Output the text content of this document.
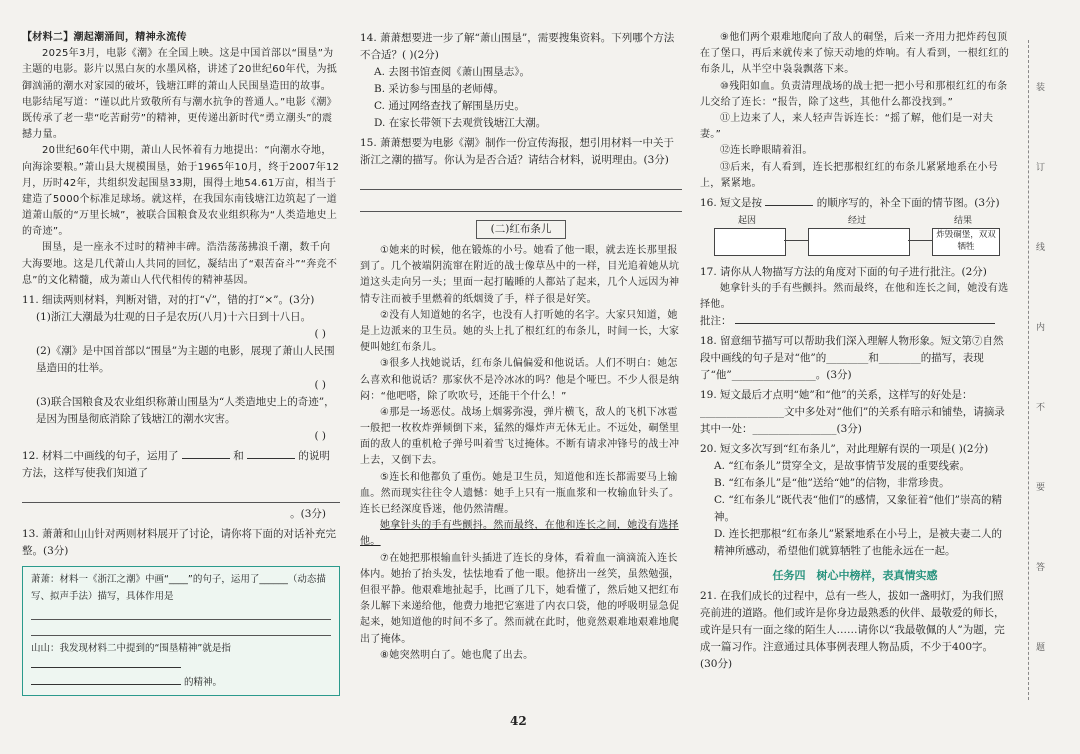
【材料二】潮起潮涌间，精神永流传

2025年3月，电影《潮》在全国上映。这是中国首部以“围垦”为主题的电影。影片以黑白灰的水墨风格，讲述了20世纪60年代，为抵御汹涌的潮水对家园的破坏，钱塘江畔的萧山人民围垦造田的故事。电影结尾写道：“谨以此片致敬所有与潮水抗争的普通人。”电影《潮》既传承了老一辈“吃苦耐劳”的精神，更传递出新时代“勇立潮头”的震撼力量。

20世纪60年代中期，萧山人民怀着有力地提出：“向潮水夺地，向海涂要粮。”萧山县大规模围垦，始于1965年10月，终于2007年12月，历时42年，共组织发起围垦33期，围得土地54.61万亩，相当于建造了5000个标准足球场。就这样，在我国东南钱塘江边筑起了一道道萧山版的“万里长城”，被联合国粮食及农业组织称为“人类造地史上的奇迹”。

围垦，是一座永不过时的精神丰碑。浩浩荡荡拂浪千潮，数千向大海要地。这是几代萧山人共同的回忆，凝结出了“艰苦奋斗”“奔竞不息”的文化精髓，成为萧山人代代相传的精神基因。

11. 细读两则材料，判断对错，对的打“√”，错的打“×”。(3分)

(1)浙江大潮最为壮观的日子是农历(八月)十六日到十八日。

( )

(2)《潮》是中国首部以“围垦”为主题的电影，展现了萧山人民围垦造田的壮举。

( )

(3)联合国粮食及农业组织称萧山围垦为“人类造地史上的奇迹”，是因为围垦彻底消除了钱塘江的潮水灾害。

( )

12. 材料二中画线的句子，运用了	和	的说明方法，这样写使我们知道了

。(3分)

13. 萧萧和山山针对两则材料展开了讨论，请你将下面的对话补充完整。(3分)

萧萧：材料一《浙江之潮》中画“____”的句子，运用了______（动态描写、拟声手法）描写，具体作用是

山山：我发现材料二中提到的“围垦精神”就是指

的精神。

14. 萧萧想要进一步了解“萧山围垦”，需要搜集资料。下列哪个方法不合适？( )(2分)

A. 去图书馆查阅《萧山围垦志》。

B. 采访参与围垦的老师傅。

C. 通过网络查找了解围垦历史。

D. 在家长带领下去观赏钱塘江大潮。

15. 萧萧想要为电影《潮》制作一份宣传海报，想引用材料一中关于浙江之潮的描写。你认为是否合适？请结合材料，说明理由。(3分)

(二)红布条儿

①她来的时候，他在锻炼的小号。她看了他一眼，就去连长那里报到了。几个被端阴流窜在附近的战士像草丛中的一样，目光追着她从坑道这头走向另一头；里面一起打瞌睡的人都站了起来，几个人远因为神情专注而被手里燃着的纸烟烫了手，样子很是好笑。

②没有人知道她的名字，也没有人打听她的名字。大家只知道，她是上边派来的卫生员。她的头上扎了根红红的布条儿，时间一长，大家便叫她红布条儿。

③很多人找她说话，红布条儿偏偏爱和他说话。人们不明白：她怎么喜欢和他说话？那家伙不是冷冰冰的吗？他是个哑巴。不少人很是纳闷：“他吧嗒，除了吹吹号，还能干个什么！”

④那是一场恶仗。战场上烟雾弥漫，弹片横飞，敌人的飞机下冰雹一般把一枚枚炸弹倾倒下来，猛然的爆炸声无休无止。不远处，硐堡里面的敌人的重机枪子弹号叫着雪飞过掩体。不断有请求冲锋号的战士冲上去，又倒下去。

⑤连长和他都负了重伤。她是卫生员，知道他和连长都需要马上输血。然而现实往往令人遗憾：她手上只有一瓶血浆和一枚输血针头了。连长已经深度昏迷，他仍然清醒。

她拿针头的手有些颤抖。然而最终，在他和连长之间，她没有选择他。

⑦在她把那根输血针头插进了连长的身体，看着血一滴滴流入连长体内。她抬了抬头发，怯怯地看了他一眼。他挤出一丝笑，虽然勉强，但很平静。他艰难地扯起手，比画了几下，她看懂了，然后她又把红布条儿解下来递给他，他费力地把它塞进了内衣口袋，他的呼吸明显急促起来，她知道他的时间不多了。然而就在此时，他竟然艰难地艰难地爬出了掩体。

⑧她突然明白了。她也爬了出去。

⑨他们两个艰难地爬向了敌人的硐堡，后来一齐用力把炸药包顶在了堡口，再后来就传来了惊天动地的炸响。有人看到，一根红红的布条儿，从半空中袅袅飘落下来。

⑩残阳如血。负责清理战场的战士把一把小号和那根红红的布条儿交给了连长：“报告，除了这些，其他什么都没找到。”

⑪上边来了人，来人轻声告诉连长：“摇了解，他们是一对夫妻。”

⑫连长睁眼睛着泪。

⑬后来，有人看到，连长把那根红红的布条儿紧紧地系在小号上，紧紧地。

16. 短文是按	的顺序写的，补全下面的情节图。(3分)

起因	经过	结果
炸毁硐堡，双双牺牲

17. 请你从人物描写方法的角度对下面的句子进行批注。(2分)

她拿针头的手有些颤抖。然而最终，在他和连长之间，她没有选择他。

批注：

18. 留意细节描写可以帮助我们深入理解人物形象。短文第⑦自然段中画线的句子是对“他”的________和________的描写，表现了“他”________________。(3分)

19. 短文最后才点明“她”和“他”的关系，这样写的好处是：________________文中多处对“他们”的关系有暗示和铺垫，请摘录其中一处：________________(3分)

20. 短文多次写到“红布条儿”，对此理解有误的一项是( )(2分)

A. “红布条儿”贯穿全文，是故事情节发展的重要线索。

B. “红布条儿”是“他”送给“她”的信物，非常珍贵。

C. “红布条儿”既代表“他们”的感情，又象征着“他们”崇高的精神。

D. 连长把那根“红布条儿”紧紧地系在小号上，是被夫妻二人的精神所感动，希望他们就算牺牲了也能永远在一起。

任务四　树心中榜样，表真情实感

21. 在我们成长的过程中，总有一些人，拔如一盏明灯，为我们照亮前进的道路。他们或许是你身边最熟悉的伙伴、最敬爱的师长，或许是只有一面之缘的陌生人……请你以“我最敬佩的人”为题，完成一篇习作。注意通过具体事例表理人物品质，不少于400字。(30分)

装
订
线
内
不
要
答
题
42
